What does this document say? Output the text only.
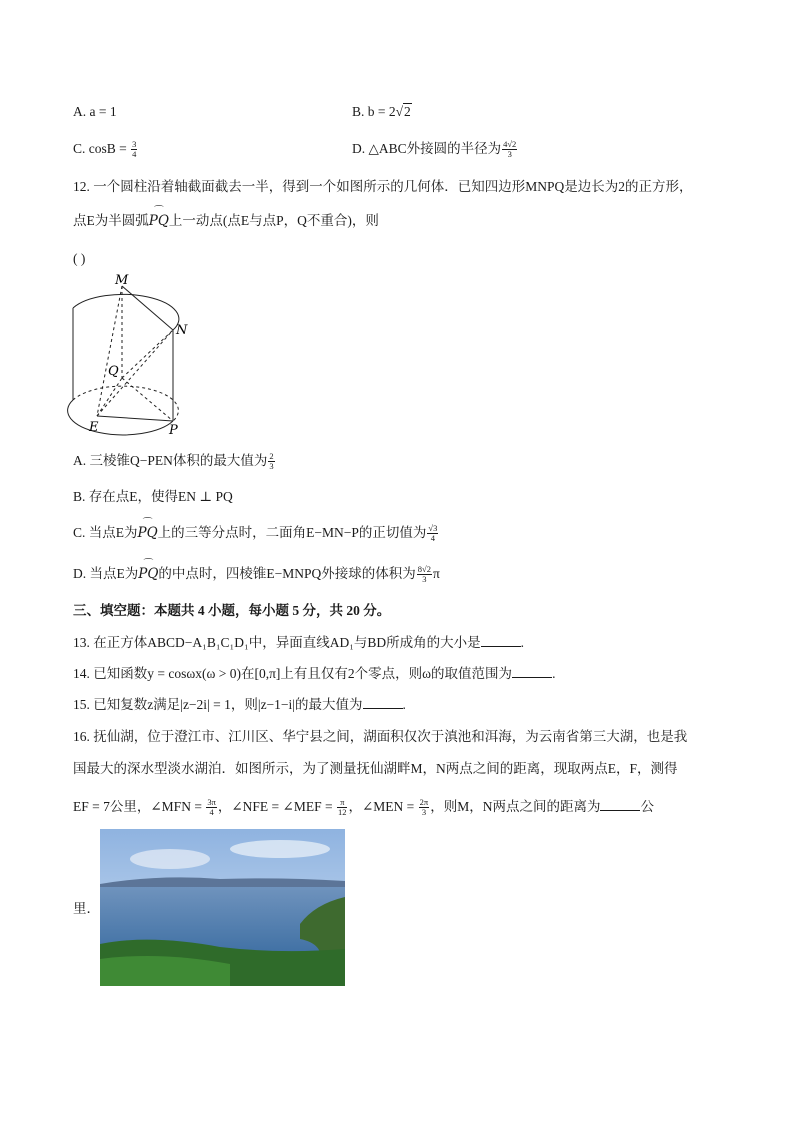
A. a = 1	B. b = 2√2
C. $\cos B = \frac{3}{4}$	D. △ABC外接圆的半径为 $\frac{4√2}{3}$
12. 一个圆柱沿着轴截面截去一半，得到一个如图所示的几何体．已知四边形MNPQ是边长为2的正方形，
点E为半圆弧⌒ PQ上一动点(点E与点P，Q不重合)，则
( )
M
N
Q
E	P
A. 三棱锥Q−PEN体积的最大值为 $\frac{2}{3}$
B. 存在点E，使得EN ⊥ PQ
C. 当点E为⌒ PQ上的三等分点时，二面角E−MN−P的正切值为 $\frac{√3}{4}$
D. 当点E为⌒ PQ的中点时，四棱锥E−MNPQ外接球的体积为 $\frac{8√2}{3}$ π
三、填空题：本题共 4 小题，每小题 5 分，共 20 分。
13. 在正方体ABCD−A₁B₁C₁D₁中，异面直线AD₁与BD所成角的大小是	.
14. 已知函数y = cosωx(ω > 0)在[0,π]上有且仅有2个零点，则ω的取值范围为	.
15. 已知复数z满足|z−2i| = 1，则|z−1−i|的最大值为	.
16. 抚仙湖，位于澄江市、江川区、华宁县之间，湖面积仅次于滇池和洱海，为云南省第三大湖，也是我
国最大的深水型淡水湖泊．如图所示，为了测量抚仙湖畔M，N两点之间的距离，现取两点E，F，测得
EF = 7公里，∠MFN = $\frac{3\pi}{4}$ ，∠NFE = ∠MEF = $\frac{\pi}{12}$ ，∠MEN = $\frac{2\pi}{3}$ ，则M，N两点之间的距离为	公
里．
